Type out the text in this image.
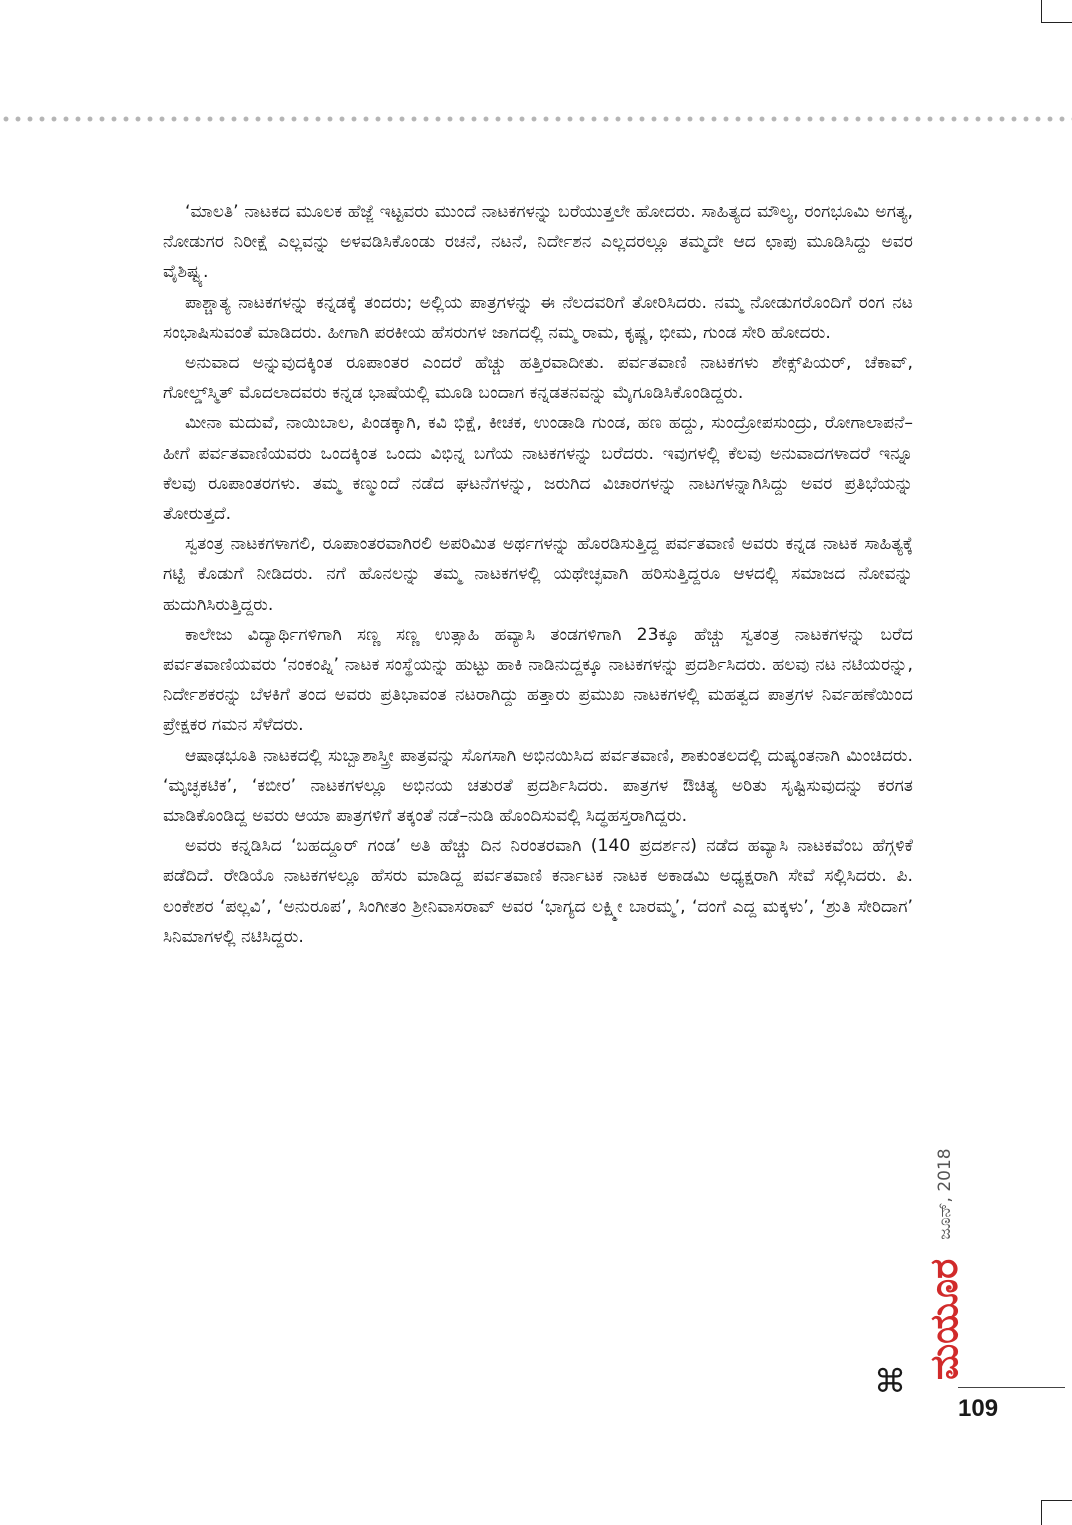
‘ಮಾಲತಿ’ ನಾಟಕದ ಮೂಲಕ ಹೆಜ್ಜೆ ಇಟ್ಟವರು ಮುಂದೆ ನಾಟಕಗಳನ್ನು ಬರೆಯುತ್ತಲೇ ಹೋದರು. ಸಾಹಿತ್ಯದ ಮೌಲ್ಯ, ರಂಗಭೂಮಿ ಅಗತ್ಯ, ನೋಡುಗರ ನಿರೀಕ್ಷೆ ಎಲ್ಲವನ್ನು ಅಳವಡಿಸಿಕೊಂಡು ರಚನೆ, ನಟನೆ, ನಿರ್ದೇಶನ ಎಲ್ಲದರಲ್ಲೂ ತಮ್ಮದೇ ಆದ ಛಾಪು ಮೂಡಿಸಿದ್ದು ಅವರ ವೈಶಿಷ್ಟ್ಯ.

ಪಾಶ್ಚಾತ್ಯ ನಾಟಕಗಳನ್ನು ಕನ್ನಡಕ್ಕೆ ತಂದರು; ಅಲ್ಲಿಯ ಪಾತ್ರಗಳನ್ನು ಈ ನೆಲದವರಿಗೆ ತೋರಿಸಿದರು. ನಮ್ಮ ನೋಡುಗರೊಂದಿಗೆ ರಂಗ ನಟ ಸಂಭಾಷಿಸುವಂತೆ ಮಾಡಿದರು. ಹೀಗಾಗಿ ಪರಕೀಯ ಹೆಸರುಗಳ ಜಾಗದಲ್ಲಿ ನಮ್ಮ ರಾಮ, ಕೃಷ್ಣ, ಭೀಮ, ಗುಂಡ ಸೇರಿ ಹೋದರು.

ಅನುವಾದ ಅನ್ನುವುದಕ್ಕಿಂತ ರೂಪಾಂತರ ಎಂದರೆ ಹೆಚ್ಚು ಹತ್ತಿರವಾದೀತು. ಪರ್ವತವಾಣಿ ನಾಟಕಗಳು ಶೇಕ್ಸ್‌ಪಿಯರ್, ಚೆಕಾವ್, ಗೋಲ್ಡ್‌ಸ್ಮಿತ್ ಮೊದಲಾದವರು ಕನ್ನಡ ಭಾಷೆಯಲ್ಲಿ ಮೂಡಿ ಬಂದಾಗ ಕನ್ನಡತನವನ್ನು ಮೈಗೂಡಿಸಿಕೊಂಡಿದ್ದರು.

ಮೀನಾ ಮದುವೆ, ನಾಯಿಬಾಲ, ಪಿಂಡಕ್ಕಾಗಿ, ಕವಿ ಭಿಕ್ಷೆ, ಕೀಚಕ, ಉಂಡಾಡಿ ಗುಂಡ, ಹಣ ಹದ್ದು, ಸುಂದ್ರೋಪಸುಂದ್ರು, ರೋಗಾಲಾಪನೆ– ಹೀಗೆ ಪರ್ವತವಾಣಿಯವರು ಒಂದಕ್ಕಿಂತ ಒಂದು ವಿಭಿನ್ನ ಬಗೆಯ ನಾಟಕಗಳನ್ನು ಬರೆದರು. ಇವುಗಳಲ್ಲಿ ಕೆಲವು ಅನುವಾದಗಳಾದರೆ ಇನ್ನೂ ಕೆಲವು ರೂಪಾಂತರಗಳು. ತಮ್ಮ ಕಣ್ಮುಂದೆ ನಡೆದ ಘಟನೆಗಳನ್ನು, ಜರುಗಿದ ವಿಚಾರಗಳನ್ನು ನಾಟಗಳನ್ನಾಗಿಸಿದ್ದು ಅವರ ಪ್ರತಿಭೆಯನ್ನು ತೋರುತ್ತದೆ.

ಸ್ವತಂತ್ರ ನಾಟಕಗಳಾಗಲಿ, ರೂಪಾಂತರವಾಗಿರಲಿ ಅಪರಿಮಿತ ಅರ್ಥಗಳನ್ನು ಹೊರಡಿಸುತ್ತಿದ್ದ ಪರ್ವತವಾಣಿ ಅವರು ಕನ್ನಡ ನಾಟಕ ಸಾಹಿತ್ಯಕ್ಕೆ ಗಟ್ಟಿ ಕೊಡುಗೆ ನೀಡಿದರು. ನಗೆ ಹೊನಲನ್ನು ತಮ್ಮ ನಾಟಕಗಳಲ್ಲಿ ಯಥೇಚ್ಛವಾಗಿ ಹರಿಸುತ್ತಿದ್ದರೂ ಆಳದಲ್ಲಿ ಸಮಾಜದ ನೋವನ್ನು ಹುದುಗಿಸಿರುತ್ತಿದ್ದರು.

ಕಾಲೇಜು ವಿದ್ಯಾರ್ಥಿಗಳಿಗಾಗಿ ಸಣ್ಣ ಸಣ್ಣ ಉತ್ಸಾಹಿ ಹವ್ಯಾಸಿ ತಂಡಗಳಿಗಾಗಿ 23ಕ್ಕೂ ಹೆಚ್ಚು ಸ್ವತಂತ್ರ ನಾಟಕಗಳನ್ನು ಬರೆದ ಪರ್ವತವಾಣಿಯವರು ‘ನಂಕಂಪ್ನಿ’ ನಾಟಕ ಸಂಸ್ಥೆಯನ್ನು ಹುಟ್ಟು ಹಾಕಿ ನಾಡಿನುದ್ದಕ್ಕೂ ನಾಟಕಗಳನ್ನು ಪ್ರದರ್ಶಿಸಿದರು. ಹಲವು ನಟ ನಟಿಯರನ್ನು, ನಿರ್ದೇಶಕರನ್ನು ಬೆಳಕಿಗೆ ತಂದ ಅವರು ಪ್ರತಿಭಾವಂತ ನಟರಾಗಿದ್ದು ಹತ್ತಾರು ಪ್ರಮುಖ ನಾಟಕಗಳಲ್ಲಿ ಮಹತ್ವದ ಪಾತ್ರಗಳ ನಿರ್ವಹಣೆಯಿಂದ ಪ್ರೇಕ್ಷಕರ ಗಮನ ಸೆಳೆದರು.

ಆಷಾಢಭೂತಿ ನಾಟಕದಲ್ಲಿ ಸುಬ್ಬಾಶಾಸ್ತ್ರೀ ಪಾತ್ರವನ್ನು ಸೊಗಸಾಗಿ ಅಭಿನಯಿಸಿದ ಪರ್ವತವಾಣಿ, ಶಾಕುಂತಲದಲ್ಲಿ ದುಷ್ಯಂತನಾಗಿ ಮಿಂಚಿದರು. ‘ಮೃಚ್ಛಕಟಿಕ’, ‘ಕಬೀರ’ ನಾಟಕಗಳಲ್ಲೂ ಅಭಿನಯ ಚತುರತೆ ಪ್ರದರ್ಶಿಸಿದರು. ಪಾತ್ರಗಳ ಔಚಿತ್ಯ ಅರಿತು ಸೃಷ್ಟಿಸುವುದನ್ನು ಕರಗತ ಮಾಡಿಕೊಂಡಿದ್ದ ಅವರು ಆಯಾ ಪಾತ್ರಗಳಿಗೆ ತಕ್ಕಂತೆ ನಡೆ–ನುಡಿ ಹೊಂದಿಸುವಲ್ಲಿ ಸಿದ್ಧಹಸ್ತರಾಗಿದ್ದರು.

ಅವರು ಕನ್ನಡಿಸಿದ ‘ಬಹದ್ದೂರ್ ಗಂಡ’ ಅತಿ ಹೆಚ್ಚು ದಿನ ನಿರಂತರವಾಗಿ (140 ಪ್ರದರ್ಶನ) ನಡೆದ ಹವ್ಯಾಸಿ ನಾಟಕವೆಂಬ ಹೆಗ್ಗಳಿಕೆ ಪಡೆದಿದೆ. ರೇಡಿಯೊ ನಾಟಕಗಳಲ್ಲೂ ಹೆಸರು ಮಾಡಿದ್ದ ಪರ್ವತವಾಣಿ ಕರ್ನಾಟಕ ನಾಟಕ ಅಕಾಡಮಿ ಅಧ್ಯಕ್ಷರಾಗಿ ಸೇವೆ ಸಲ್ಲಿಸಿದರು. ಪಿ. ಲಂಕೇಶರ ‘ಪಲ್ಲವಿ’, ‘ಅನುರೂಪ’, ಸಿಂಗೀತಂ ಶ್ರೀನಿವಾಸರಾವ್ ಅವರ ‘ಭಾಗ್ಯದ ಲಕ್ಷ್ಮೀ ಬಾರಮ್ಮ’, ‘ದಂಗೆ ಎದ್ದ ಮಕ್ಕಳು’, ‘ಶ್ರುತಿ ಸೇರಿದಾಗ’ ಸಿನಿಮಾಗಳಲ್ಲಿ ನಟಿಸಿದ್ದರು.

⌘
ಮಯೂರ ಜೂನ್, 2018
109
